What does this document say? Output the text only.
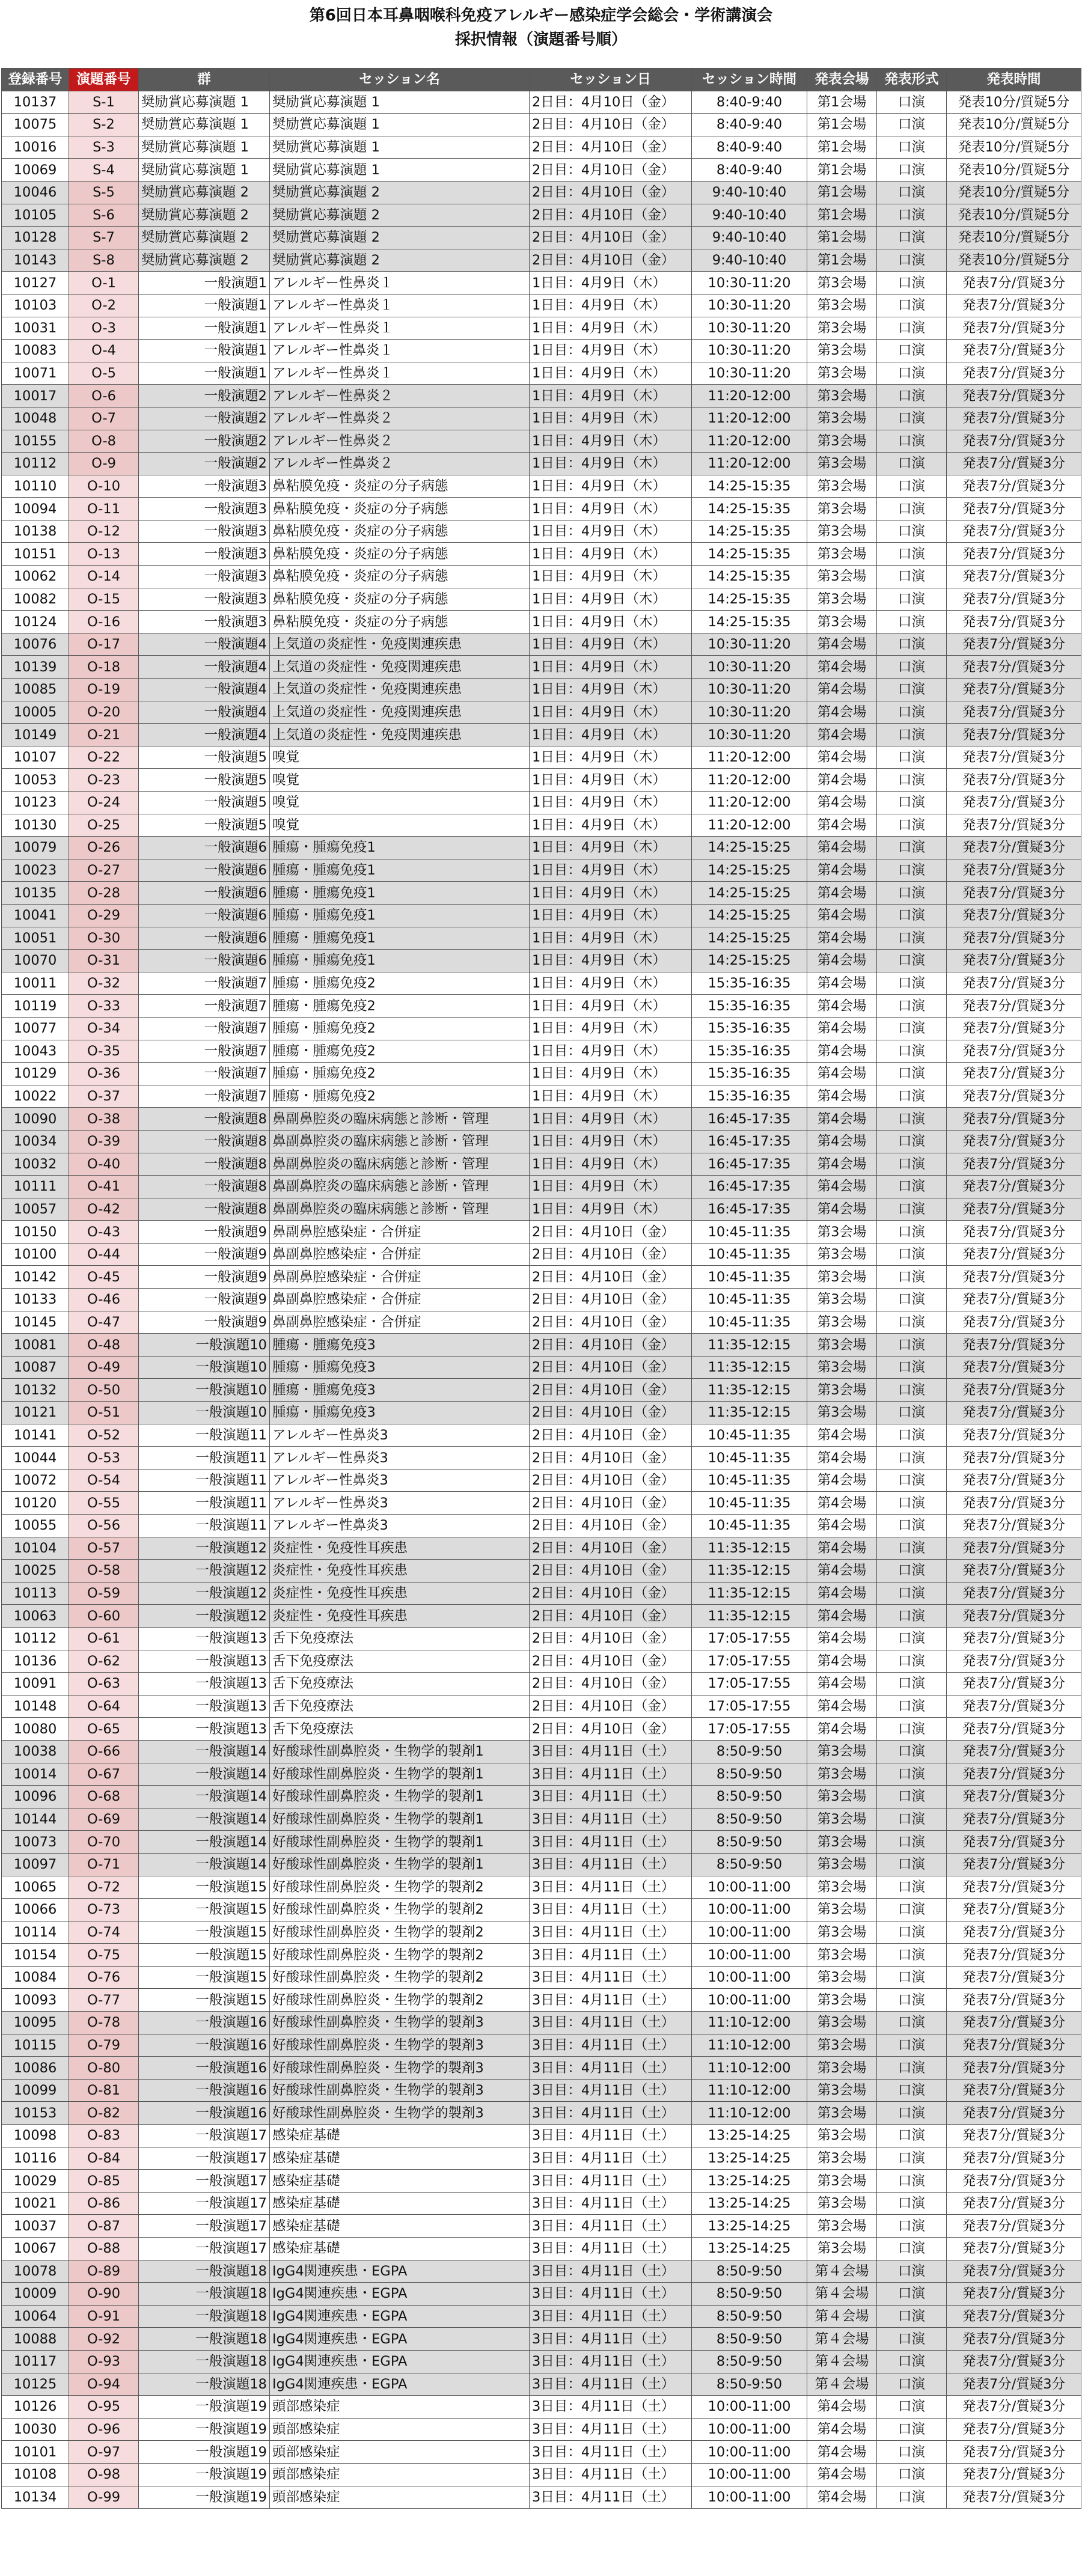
第6回日本耳鼻咽喉科免疫アレルギー感染症学会総会・学術講演会
採択情報（演題番号順）
登録番号	演題番号	群	セッション名	セッション日	セッション時間	発表会場	発表形式	発表時間
10137	S-1	奨励賞応募演題 1	奨励賞応募演題 1	2日目：4月10日（金）	8:40-9:40	第1会場	口演	発表10分/質疑5分
10075	S-2	奨励賞応募演題 1	奨励賞応募演題 1	2日目：4月10日（金）	8:40-9:40	第1会場	口演	発表10分/質疑5分
10016	S-3	奨励賞応募演題 1	奨励賞応募演題 1	2日目：4月10日（金）	8:40-9:40	第1会場	口演	発表10分/質疑5分
10069	S-4	奨励賞応募演題 1	奨励賞応募演題 1	2日目：4月10日（金）	8:40-9:40	第1会場	口演	発表10分/質疑5分
10046	S-5	奨励賞応募演題 2	奨励賞応募演題 2	2日目：4月10日（金）	9:40-10:40	第1会場	口演	発表10分/質疑5分
10105	S-6	奨励賞応募演題 2	奨励賞応募演題 2	2日目：4月10日（金）	9:40-10:40	第1会場	口演	発表10分/質疑5分
10128	S-7	奨励賞応募演題 2	奨励賞応募演題 2	2日目：4月10日（金）	9:40-10:40	第1会場	口演	発表10分/質疑5分
10143	S-8	奨励賞応募演題 2	奨励賞応募演題 2	2日目：4月10日（金）	9:40-10:40	第1会場	口演	発表10分/質疑5分
10127	O-1	一般演題1	アレルギー性鼻炎１	1日目：4月9日（木）	10:30-11:20	第3会場	口演	発表7分/質疑3分
10103	O-2	一般演題1	アレルギー性鼻炎１	1日目：4月9日（木）	10:30-11:20	第3会場	口演	発表7分/質疑3分
10031	O-3	一般演題1	アレルギー性鼻炎１	1日目：4月9日（木）	10:30-11:20	第3会場	口演	発表7分/質疑3分
10083	O-4	一般演題1	アレルギー性鼻炎１	1日目：4月9日（木）	10:30-11:20	第3会場	口演	発表7分/質疑3分
10071	O-5	一般演題1	アレルギー性鼻炎１	1日目：4月9日（木）	10:30-11:20	第3会場	口演	発表7分/質疑3分
10017	O-6	一般演題2	アレルギー性鼻炎２	1日目：4月9日（木）	11:20-12:00	第3会場	口演	発表7分/質疑3分
10048	O-7	一般演題2	アレルギー性鼻炎２	1日目：4月9日（木）	11:20-12:00	第3会場	口演	発表7分/質疑3分
10155	O-8	一般演題2	アレルギー性鼻炎２	1日目：4月9日（木）	11:20-12:00	第3会場	口演	発表7分/質疑3分
10112	O-9	一般演題2	アレルギー性鼻炎２	1日目：4月9日（木）	11:20-12:00	第3会場	口演	発表7分/質疑3分
10110	O-10	一般演題3	鼻粘膜免疫・炎症の分子病態	1日目：4月9日（木）	14:25-15:35	第3会場	口演	発表7分/質疑3分
10094	O-11	一般演題3	鼻粘膜免疫・炎症の分子病態	1日目：4月9日（木）	14:25-15:35	第3会場	口演	発表7分/質疑3分
10138	O-12	一般演題3	鼻粘膜免疫・炎症の分子病態	1日目：4月9日（木）	14:25-15:35	第3会場	口演	発表7分/質疑3分
10151	O-13	一般演題3	鼻粘膜免疫・炎症の分子病態	1日目：4月9日（木）	14:25-15:35	第3会場	口演	発表7分/質疑3分
10062	O-14	一般演題3	鼻粘膜免疫・炎症の分子病態	1日目：4月9日（木）	14:25-15:35	第3会場	口演	発表7分/質疑3分
10082	O-15	一般演題3	鼻粘膜免疫・炎症の分子病態	1日目：4月9日（木）	14:25-15:35	第3会場	口演	発表7分/質疑3分
10124	O-16	一般演題3	鼻粘膜免疫・炎症の分子病態	1日目：4月9日（木）	14:25-15:35	第3会場	口演	発表7分/質疑3分
10076	O-17	一般演題4	上気道の炎症性・免疫関連疾患	1日目：4月9日（木）	10:30-11:20	第4会場	口演	発表7分/質疑3分
10139	O-18	一般演題4	上気道の炎症性・免疫関連疾患	1日目：4月9日（木）	10:30-11:20	第4会場	口演	発表7分/質疑3分
10085	O-19	一般演題4	上気道の炎症性・免疫関連疾患	1日目：4月9日（木）	10:30-11:20	第4会場	口演	発表7分/質疑3分
10005	O-20	一般演題4	上気道の炎症性・免疫関連疾患	1日目：4月9日（木）	10:30-11:20	第4会場	口演	発表7分/質疑3分
10149	O-21	一般演題4	上気道の炎症性・免疫関連疾患	1日目：4月9日（木）	10:30-11:20	第4会場	口演	発表7分/質疑3分
10107	O-22	一般演題5	嗅覚	1日目：4月9日（木）	11:20-12:00	第4会場	口演	発表7分/質疑3分
10053	O-23	一般演題5	嗅覚	1日目：4月9日（木）	11:20-12:00	第4会場	口演	発表7分/質疑3分
10123	O-24	一般演題5	嗅覚	1日目：4月9日（木）	11:20-12:00	第4会場	口演	発表7分/質疑3分
10130	O-25	一般演題5	嗅覚	1日目：4月9日（木）	11:20-12:00	第4会場	口演	発表7分/質疑3分
10079	O-26	一般演題6	腫瘍・腫瘍免疫1	1日目：4月9日（木）	14:25-15:25	第4会場	口演	発表7分/質疑3分
10023	O-27	一般演題6	腫瘍・腫瘍免疫1	1日目：4月9日（木）	14:25-15:25	第4会場	口演	発表7分/質疑3分
10135	O-28	一般演題6	腫瘍・腫瘍免疫1	1日目：4月9日（木）	14:25-15:25	第4会場	口演	発表7分/質疑3分
10041	O-29	一般演題6	腫瘍・腫瘍免疫1	1日目：4月9日（木）	14:25-15:25	第4会場	口演	発表7分/質疑3分
10051	O-30	一般演題6	腫瘍・腫瘍免疫1	1日目：4月9日（木）	14:25-15:25	第4会場	口演	発表7分/質疑3分
10070	O-31	一般演題6	腫瘍・腫瘍免疫1	1日目：4月9日（木）	14:25-15:25	第4会場	口演	発表7分/質疑3分
10011	O-32	一般演題7	腫瘍・腫瘍免疫2	1日目：4月9日（木）	15:35-16:35	第4会場	口演	発表7分/質疑3分
10119	O-33	一般演題7	腫瘍・腫瘍免疫2	1日目：4月9日（木）	15:35-16:35	第4会場	口演	発表7分/質疑3分
10077	O-34	一般演題7	腫瘍・腫瘍免疫2	1日目：4月9日（木）	15:35-16:35	第4会場	口演	発表7分/質疑3分
10043	O-35	一般演題7	腫瘍・腫瘍免疫2	1日目：4月9日（木）	15:35-16:35	第4会場	口演	発表7分/質疑3分
10129	O-36	一般演題7	腫瘍・腫瘍免疫2	1日目：4月9日（木）	15:35-16:35	第4会場	口演	発表7分/質疑3分
10022	O-37	一般演題7	腫瘍・腫瘍免疫2	1日目：4月9日（木）	15:35-16:35	第4会場	口演	発表7分/質疑3分
10090	O-38	一般演題8	鼻副鼻腔炎の臨床病態と診断・管理	1日目：4月9日（木）	16:45-17:35	第4会場	口演	発表7分/質疑3分
10034	O-39	一般演題8	鼻副鼻腔炎の臨床病態と診断・管理	1日目：4月9日（木）	16:45-17:35	第4会場	口演	発表7分/質疑3分
10032	O-40	一般演題8	鼻副鼻腔炎の臨床病態と診断・管理	1日目：4月9日（木）	16:45-17:35	第4会場	口演	発表7分/質疑3分
10111	O-41	一般演題8	鼻副鼻腔炎の臨床病態と診断・管理	1日目：4月9日（木）	16:45-17:35	第4会場	口演	発表7分/質疑3分
10057	O-42	一般演題8	鼻副鼻腔炎の臨床病態と診断・管理	1日目：4月9日（木）	16:45-17:35	第4会場	口演	発表7分/質疑3分
10150	O-43	一般演題9	鼻副鼻腔感染症・合併症	2日目：4月10日（金）	10:45-11:35	第3会場	口演	発表7分/質疑3分
10100	O-44	一般演題9	鼻副鼻腔感染症・合併症	2日目：4月10日（金）	10:45-11:35	第3会場	口演	発表7分/質疑3分
10142	O-45	一般演題9	鼻副鼻腔感染症・合併症	2日目：4月10日（金）	10:45-11:35	第3会場	口演	発表7分/質疑3分
10133	O-46	一般演題9	鼻副鼻腔感染症・合併症	2日目：4月10日（金）	10:45-11:35	第3会場	口演	発表7分/質疑3分
10145	O-47	一般演題9	鼻副鼻腔感染症・合併症	2日目：4月10日（金）	10:45-11:35	第3会場	口演	発表7分/質疑3分
10081	O-48	一般演題10	腫瘍・腫瘍免疫3	2日目：4月10日（金）	11:35-12:15	第3会場	口演	発表7分/質疑3分
10087	O-49	一般演題10	腫瘍・腫瘍免疫3	2日目：4月10日（金）	11:35-12:15	第3会場	口演	発表7分/質疑3分
10132	O-50	一般演題10	腫瘍・腫瘍免疫3	2日目：4月10日（金）	11:35-12:15	第3会場	口演	発表7分/質疑3分
10121	O-51	一般演題10	腫瘍・腫瘍免疫3	2日目：4月10日（金）	11:35-12:15	第3会場	口演	発表7分/質疑3分
10141	O-52	一般演題11	アレルギー性鼻炎3	2日目：4月10日（金）	10:45-11:35	第4会場	口演	発表7分/質疑3分
10044	O-53	一般演題11	アレルギー性鼻炎3	2日目：4月10日（金）	10:45-11:35	第4会場	口演	発表7分/質疑3分
10072	O-54	一般演題11	アレルギー性鼻炎3	2日目：4月10日（金）	10:45-11:35	第4会場	口演	発表7分/質疑3分
10120	O-55	一般演題11	アレルギー性鼻炎3	2日目：4月10日（金）	10:45-11:35	第4会場	口演	発表7分/質疑3分
10055	O-56	一般演題11	アレルギー性鼻炎3	2日目：4月10日（金）	10:45-11:35	第4会場	口演	発表7分/質疑3分
10104	O-57	一般演題12	炎症性・免疫性耳疾患	2日目：4月10日（金）	11:35-12:15	第4会場	口演	発表7分/質疑3分
10025	O-58	一般演題12	炎症性・免疫性耳疾患	2日目：4月10日（金）	11:35-12:15	第4会場	口演	発表7分/質疑3分
10113	O-59	一般演題12	炎症性・免疫性耳疾患	2日目：4月10日（金）	11:35-12:15	第4会場	口演	発表7分/質疑3分
10063	O-60	一般演題12	炎症性・免疫性耳疾患	2日目：4月10日（金）	11:35-12:15	第4会場	口演	発表7分/質疑3分
10112	O-61	一般演題13	舌下免疫療法	2日目：4月10日（金）	17:05-17:55	第4会場	口演	発表7分/質疑3分
10136	O-62	一般演題13	舌下免疫療法	2日目：4月10日（金）	17:05-17:55	第4会場	口演	発表7分/質疑3分
10091	O-63	一般演題13	舌下免疫療法	2日目：4月10日（金）	17:05-17:55	第4会場	口演	発表7分/質疑3分
10148	O-64	一般演題13	舌下免疫療法	2日目：4月10日（金）	17:05-17:55	第4会場	口演	発表7分/質疑3分
10080	O-65	一般演題13	舌下免疫療法	2日目：4月10日（金）	17:05-17:55	第4会場	口演	発表7分/質疑3分
10038	O-66	一般演題14	好酸球性副鼻腔炎・生物学的製剤1	3日目：4月11日（土）	8:50-9:50	第3会場	口演	発表7分/質疑3分
10014	O-67	一般演題14	好酸球性副鼻腔炎・生物学的製剤1	3日目：4月11日（土）	8:50-9:50	第3会場	口演	発表7分/質疑3分
10096	O-68	一般演題14	好酸球性副鼻腔炎・生物学的製剤1	3日目：4月11日（土）	8:50-9:50	第3会場	口演	発表7分/質疑3分
10144	O-69	一般演題14	好酸球性副鼻腔炎・生物学的製剤1	3日目：4月11日（土）	8:50-9:50	第3会場	口演	発表7分/質疑3分
10073	O-70	一般演題14	好酸球性副鼻腔炎・生物学的製剤1	3日目：4月11日（土）	8:50-9:50	第3会場	口演	発表7分/質疑3分
10097	O-71	一般演題14	好酸球性副鼻腔炎・生物学的製剤1	3日目：4月11日（土）	8:50-9:50	第3会場	口演	発表7分/質疑3分
10065	O-72	一般演題15	好酸球性副鼻腔炎・生物学的製剤2	3日目：4月11日（土）	10:00-11:00	第3会場	口演	発表7分/質疑3分
10066	O-73	一般演題15	好酸球性副鼻腔炎・生物学的製剤2	3日目：4月11日（土）	10:00-11:00	第3会場	口演	発表7分/質疑3分
10114	O-74	一般演題15	好酸球性副鼻腔炎・生物学的製剤2	3日目：4月11日（土）	10:00-11:00	第3会場	口演	発表7分/質疑3分
10154	O-75	一般演題15	好酸球性副鼻腔炎・生物学的製剤2	3日目：4月11日（土）	10:00-11:00	第3会場	口演	発表7分/質疑3分
10084	O-76	一般演題15	好酸球性副鼻腔炎・生物学的製剤2	3日目：4月11日（土）	10:00-11:00	第3会場	口演	発表7分/質疑3分
10093	O-77	一般演題15	好酸球性副鼻腔炎・生物学的製剤2	3日目：4月11日（土）	10:00-11:00	第3会場	口演	発表7分/質疑3分
10095	O-78	一般演題16	好酸球性副鼻腔炎・生物学的製剤3	3日目：4月11日（土）	11:10-12:00	第3会場	口演	発表7分/質疑3分
10115	O-79	一般演題16	好酸球性副鼻腔炎・生物学的製剤3	3日目：4月11日（土）	11:10-12:00	第3会場	口演	発表7分/質疑3分
10086	O-80	一般演題16	好酸球性副鼻腔炎・生物学的製剤3	3日目：4月11日（土）	11:10-12:00	第3会場	口演	発表7分/質疑3分
10099	O-81	一般演題16	好酸球性副鼻腔炎・生物学的製剤3	3日目：4月11日（土）	11:10-12:00	第3会場	口演	発表7分/質疑3分
10153	O-82	一般演題16	好酸球性副鼻腔炎・生物学的製剤3	3日目：4月11日（土）	11:10-12:00	第3会場	口演	発表7分/質疑3分
10098	O-83	一般演題17	感染症基礎	3日目：4月11日（土）	13:25-14:25	第3会場	口演	発表7分/質疑3分
10116	O-84	一般演題17	感染症基礎	3日目：4月11日（土）	13:25-14:25	第3会場	口演	発表7分/質疑3分
10029	O-85	一般演題17	感染症基礎	3日目：4月11日（土）	13:25-14:25	第3会場	口演	発表7分/質疑3分
10021	O-86	一般演題17	感染症基礎	3日目：4月11日（土）	13:25-14:25	第3会場	口演	発表7分/質疑3分
10037	O-87	一般演題17	感染症基礎	3日目：4月11日（土）	13:25-14:25	第3会場	口演	発表7分/質疑3分
10067	O-88	一般演題17	感染症基礎	3日目：4月11日（土）	13:25-14:25	第3会場	口演	発表7分/質疑3分
10078	O-89	一般演題18	IgG4関連疾患・EGPA	3日目：4月11日（土）	8:50-9:50	第４会場	口演	発表7分/質疑3分
10009	O-90	一般演題18	IgG4関連疾患・EGPA	3日目：4月11日（土）	8:50-9:50	第４会場	口演	発表7分/質疑3分
10064	O-91	一般演題18	IgG4関連疾患・EGPA	3日目：4月11日（土）	8:50-9:50	第４会場	口演	発表7分/質疑3分
10088	O-92	一般演題18	IgG4関連疾患・EGPA	3日目：4月11日（土）	8:50-9:50	第４会場	口演	発表7分/質疑3分
10117	O-93	一般演題18	IgG4関連疾患・EGPA	3日目：4月11日（土）	8:50-9:50	第４会場	口演	発表7分/質疑3分
10125	O-94	一般演題18	IgG4関連疾患・EGPA	3日目：4月11日（土）	8:50-9:50	第４会場	口演	発表7分/質疑3分
10126	O-95	一般演題19	頭部感染症	3日目：4月11日（土）	10:00-11:00	第4会場	口演	発表7分/質疑3分
10030	O-96	一般演題19	頭部感染症	3日目：4月11日（土）	10:00-11:00	第4会場	口演	発表7分/質疑3分
10101	O-97	一般演題19	頭部感染症	3日目：4月11日（土）	10:00-11:00	第4会場	口演	発表7分/質疑3分
10108	O-98	一般演題19	頭部感染症	3日目：4月11日（土）	10:00-11:00	第4会場	口演	発表7分/質疑3分
10134	O-99	一般演題19	頭部感染症	3日目：4月11日（土）	10:00-11:00	第4会場	口演	発表7分/質疑3分
